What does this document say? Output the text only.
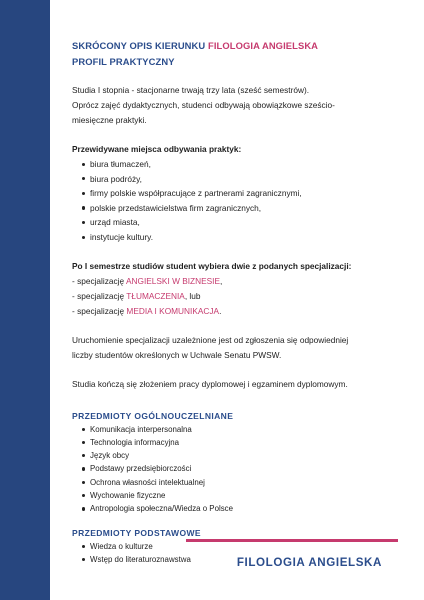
SKRÓCONY OPIS KIERUNKU FILOLOGIA ANGIELSKA
PROFIL PRAKTYCZNY

Studia I stopnia - stacjonarne trwają trzy lata (sześć semestrów).

Oprócz zajęć dydaktycznych, studenci odbywają obowiązkowe sześcio-

miesięczne praktyki.

Przewidywane miejsca odbywania praktyk:

biura tłumaczeń,
biura podróży,
firmy polskie współpracujące z partnerami zagranicznymi,
polskie przedstawicielstwa firm zagranicznych,
urząd miasta,
instytucje kultury.

Po I semestrze studiów student wybiera dwie z podanych specjalizacji:

- specjalizację ANGIELSKI W BIZNESIE,

- specjalizację TŁUMACZENIA, lub

- specjalizację MEDIA I KOMUNIKACJA.

Uruchomienie specjalizacji uzależnione jest od zgłoszenia się odpowiedniej

liczby studentów określonych w Uchwale Senatu PWSW.

Studia kończą się złożeniem pracy dyplomowej i egzaminem dyplomowym.

PRZEDMIOTY OGÓLNOUCZELNIANE
Komunikacja interpersonalna
Technologia informacyjna
Język obcy
Podstawy przedsiębiorczości
Ochrona własności intelektualnej
Wychowanie fizyczne
Antropologia społeczna/Wiedza o Polsce
PRZEDMIOTY PODSTAWOWE
Wiedza o kulturze
Wstęp do literaturoznawstwa	FILOLOGIA ANGIELSKA
